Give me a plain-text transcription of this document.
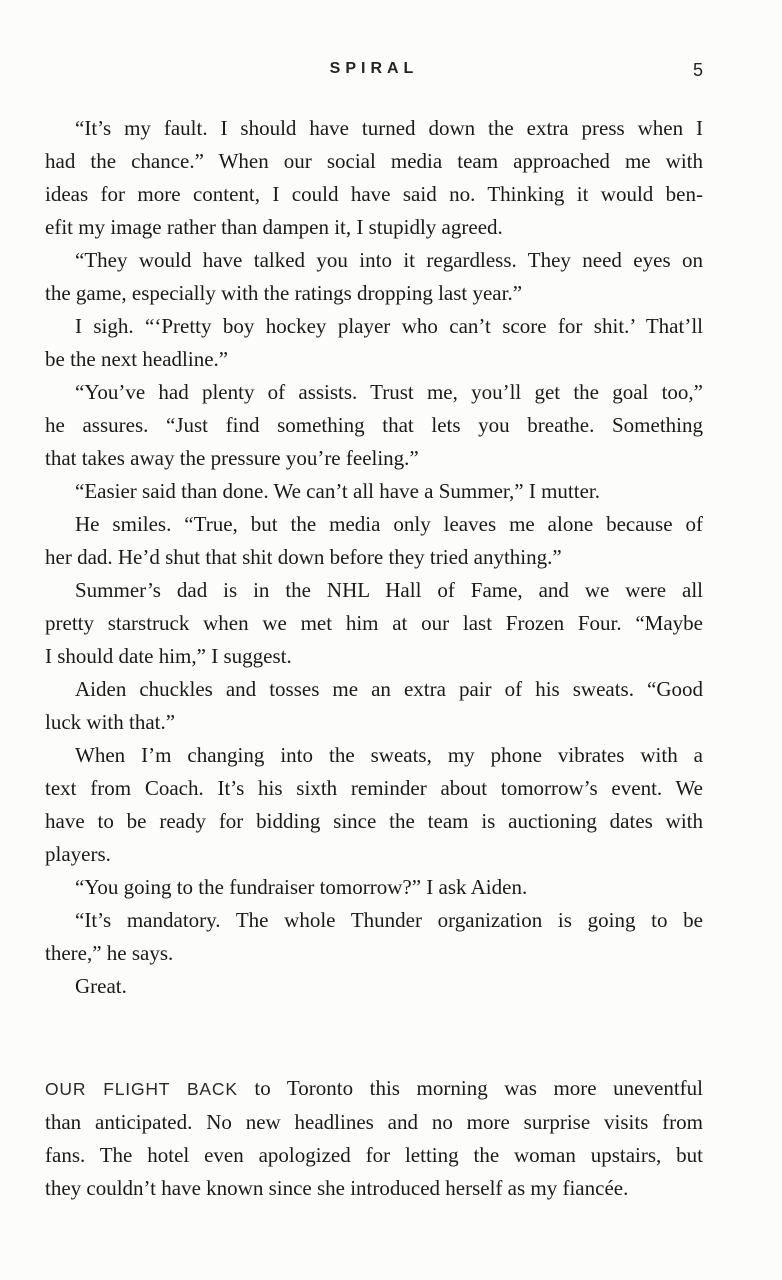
SPIRAL	5
“It’s my fault. I should have turned down the extra press when I
had the chance.” When our social media team approached me with
ideas for more content, I could have said no. Thinking it would ben-
efit my image rather than dampen it, I stupidly agreed.
“They would have talked you into it regardless. They need eyes on
the game, especially with the ratings dropping last year.”
I sigh. “‘Pretty boy hockey player who can’t score for shit.’ That’ll
be the next headline.”
“You’ve had plenty of assists. Trust me, you’ll get the goal too,”
he assures. “Just find something that lets you breathe. Something
that takes away the pressure you’re feeling.”
“Easier said than done. We can’t all have a Summer,” I mutter.
He smiles. “True, but the media only leaves me alone because of
her dad. He’d shut that shit down before they tried anything.”
Summer’s dad is in the NHL Hall of Fame, and we were all
pretty starstruck when we met him at our last Frozen Four. “Maybe
I should date him,” I suggest.
Aiden chuckles and tosses me an extra pair of his sweats. “Good
luck with that.”
When I’m changing into the sweats, my phone vibrates with a
text from Coach. It’s his sixth reminder about tomorrow’s event. We
have to be ready for bidding since the team is auctioning dates with
players.
“You going to the fundraiser tomorrow?” I ask Aiden.
“It’s mandatory. The whole Thunder organization is going to be
there,” he says.
Great.
OUR FLIGHT BACK to Toronto this morning was more uneventful
than anticipated. No new headlines and no more surprise visits from
fans. The hotel even apologized for letting the woman upstairs, but
they couldn’t have known since she introduced herself as my fiancée.
